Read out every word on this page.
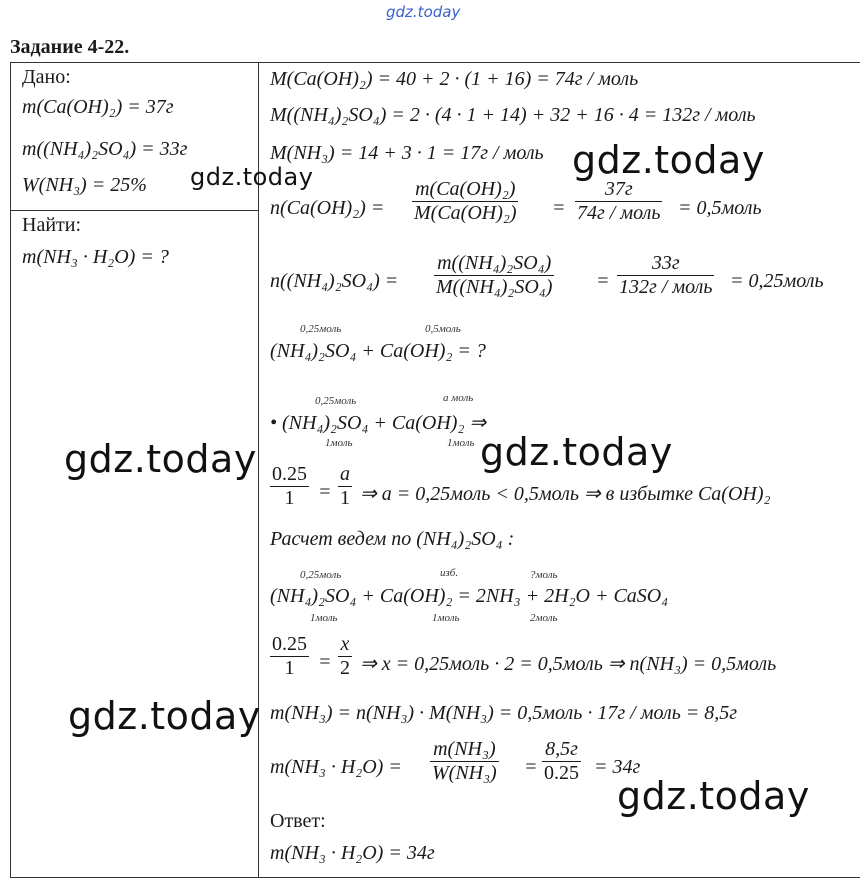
gdz.today
Задание 4-22.
Дано:
m(Ca(OH)₂) = 37г
m((NH₄)₂SO₄) = 33г
W(NH₃) = 25%
Найти:
m(NH₃ · H₂O) = ?
M(Ca(OH)₂) = 40 + 2 · (1 + 16) = 74г / моль
M((NH₄)₂SO₄) = 2 · (4 · 1 + 14) + 32 + 16 · 4 = 132г / моль
M(NH₃) = 14 + 3 · 1 = 17г / моль
n(Ca(OH)₂) =
m(Ca(OH)₂)
M(Ca(OH)₂) =
37г
74г / моль = 0,5моль
n((NH₄)₂SO₄) =
m((NH₄)₂SO₄)
M((NH₄)₂SO₄) =
33г
132г / моль = 0,25моль
0,25моль	0,5моль
(NH₄)₂SO₄ + Ca(OH)₂ = ?
0,25моль	a моль
• (NH₄)₂SO₄ + Ca(OH)₂ ⇒
1моль	1моль
0.25
1 =
a
1 ⇒ a = 0,25моль < 0,5моль ⇒ в избытке Ca(OH)₂
Расчет ведем по (NH₄)₂SO₄ :
0,25моль	изб.	?моль
(NH₄)₂SO₄ + Ca(OH)₂ = 2NH₃ + 2H₂O + CaSO₄
1моль	1моль	2моль
0.25
1 =
x
2 ⇒ x = 0,25моль · 2 = 0,5моль ⇒ n(NH₃) = 0,5моль
m(NH₃) = n(NH₃) · M(NH₃) = 0,5моль · 17г / моль = 8,5г
m(NH₃ · H₂O) =
m(NH₃)
W(NH₃) =
8,5г
0.25 = 34г
Ответ:
m(NH₃ · H₂O) = 34г
gdz.today
gdz.today
gdz.today	gdz.today
gdz.today
gdz.today
